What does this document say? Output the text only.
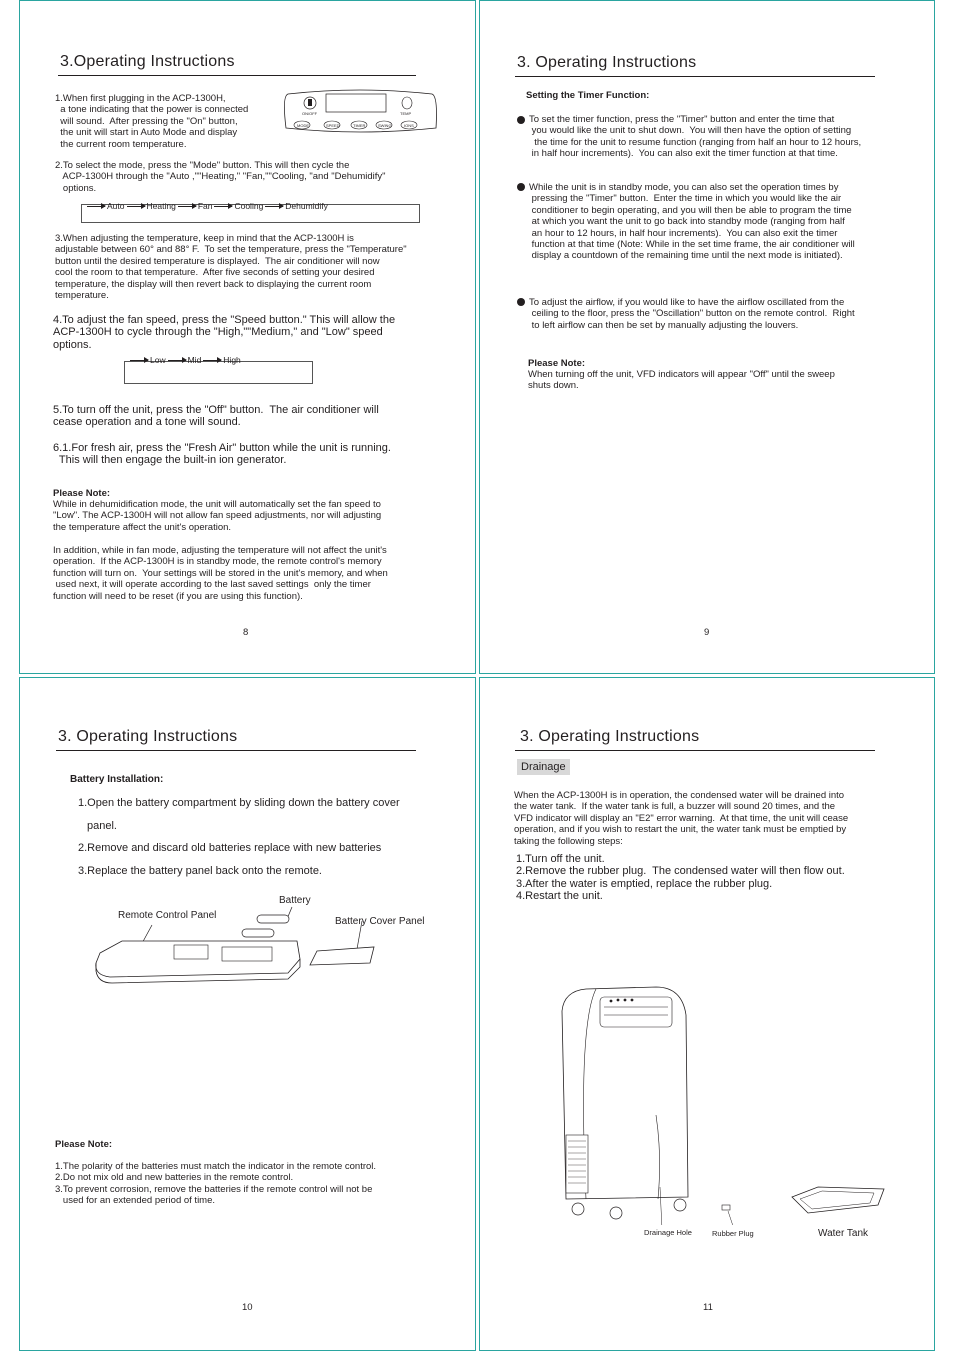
3.Operating Instructions
1.When first plugging in the ACP-1300H,
a tone indicating that the power is connected
will sound.  After pressing the "On" button,
the unit will start in Auto Mode and display
the current room temperature.
ON/OFF	TEMP
MODE	SPEED	TIMER	SWING	IONS
2.To select the mode, press the "Mode" button. This will then cycle the
ACP-1300H through the "Auto ,""Heating," "Fan,""Cooling, "and "Dehumidify"
options.
Auto	Heating	Fan	Cooling	Dehumidify
3.When adjusting the temperature, keep in mind that the ACP-1300H is
adjustable between 60° and 88° F.  To set the temperature, press the "Temperature"
button until the desired temperature is displayed.  The air conditioner will now
cool the room to that temperature.  After five seconds of setting your desired
temperature, the display will then revert back to displaying the current room
temperature.
4.To adjust the fan speed, press the "Speed button." This will allow the
ACP-1300H to cycle through the "High,""Medium," and "Low" speed
options.
Low	Mid	High
5.To turn off the unit, press the "Off" button.  The air conditioner will
cease operation and a tone will sound.
6.1.For fresh air, press the "Fresh Air" button while the unit is running.
This will then engage the built-in ion generator.
Please Note:
While in dehumidification mode, the unit will automatically set the fan speed to
"Low". The ACP-1300H will not allow fan speed adjustments, nor will adjusting
the temperature affect the unit's operation.
In addition, while in fan mode, adjusting the temperature will not affect the unit's
operation.  If the ACP-1300H is in standby mode, the remote control's memory
function will turn on.  Your settings will be stored in the unit's memory, and when
used next, it will operate according to the last saved settings  only the timer
function will need to be reset (if you are using this function).
8
3. Operating Instructions
Setting the Timer Function:
To set the timer function, press the "Timer" button and enter the time that
you would like the unit to shut down.  You will then have the option of setting
the time for the unit to resume function (ranging from half an hour to 12 hours,
in half hour increments).  You can also exit the timer function at that time.
While the unit is in standby mode, you can also set the operation times by
pressing the "Timer" button.  Enter the time in which you would like the air
conditioner to begin operating, and you will then be able to program the time
at which you want the unit to go back into standby mode (ranging from half
an hour to 12 hours, in half hour increments).  You can also exit the timer
function at that time (Note: While in the set time frame, the air conditioner will
display a countdown of the remaining time until the next mode is initiated).
To adjust the airflow, if you would like to have the airflow oscillated from the
ceiling to the floor, press the "Oscillation" button on the remote control.  Right
to left airflow can then be set by manually adjusting the louvers.
Please Note:
When turning off the unit, VFD indicators will appear "Off" until the sweep
shuts down.
9
3. Operating Instructions
Battery Installation:
1.Open the battery compartment by sliding down the battery cover
panel.
2.Remove and discard old batteries replace with new batteries
3.Replace the battery panel back onto the remote.
Battery
Remote Control Panel
Battery Cover Panel
Please Note:
1.The polarity of the batteries must match the indicator in the remote control.
2.Do not mix old and new batteries in the remote control.
3.To prevent corrosion, remove the batteries if the remote control will not be
used for an extended period of time.
10
3. Operating Instructions
Drainage
When the ACP-1300H is in operation, the condensed water will be drained into
the water tank.  If the water tank is full, a buzzer will sound 20 times, and the
VFD indicator will display an "E2" error warning.  At that time, the unit will cease
operation, and if you wish to restart the unit, the water tank must be emptied by
taking the following steps:
1.Turn off the unit.
2.Remove the rubber plug.  The condensed water will then flow out.
3.After the water is emptied, replace the rubber plug.
4.Restart the unit.
Drainage Hole	Rubber Plug	Water Tank
11
